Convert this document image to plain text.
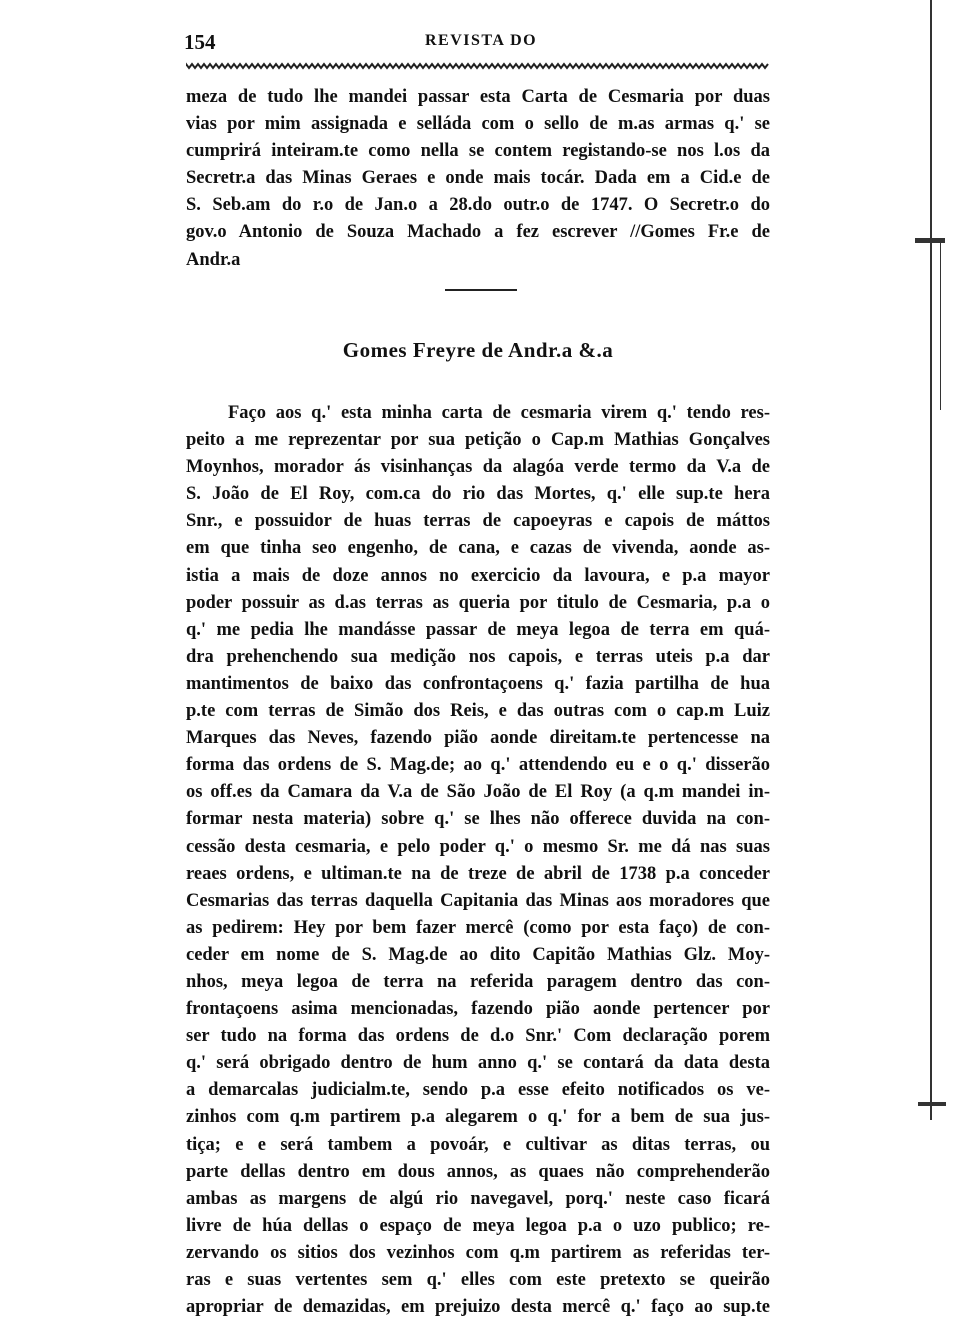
154	REVISTA DO
meza de tudo lhe mandei passar esta Carta de Cesmaria por duas
vias por mim assignada e selláda com o sello de m.as armas q.' se
cumprirá inteiram.te como nella se contem registando-se nos l.os da
Secretr.a das Minas Geraes e onde mais tocár. Dada em a Cid.e de
S. Seb.am do r.o de Jan.o a 28.do outr.o de 1747. O Secretr.o do
gov.o Antonio de Souza Machado a fez escrever //Gomes Fr.e de
Andr.a
Gomes Freyre de Andr.a &.a
Faço aos q.' esta minha carta de cesmaria virem q.' tendo res-
peito a me reprezentar por sua petição o Cap.m Mathias Gonçalves
Moynhos, morador ás visinhanças da alagóa verde termo da V.a de
S. João de El Roy, com.ca do rio das Mortes, q.' elle sup.te hera
Snr., e possuidor de huas terras de capoeyras e capois de máttos
em que tinha seo engenho, de cana, e cazas de vivenda, aonde as-
istia a mais de doze annos no exercicio da lavoura, e p.a mayor
poder possuir as d.as terras as queria por titulo de Cesmaria, p.a o
q.' me pedia lhe mandásse passar de meya legoa de terra em quá-
dra prehenchendo sua medição nos capois, e terras uteis p.a dar
mantimentos de baixo das confrontaçoens q.' fazia partilha de hua
p.te com terras de Simão dos Reis, e das outras com o cap.m Luiz
Marques das Neves, fazendo pião aonde direitam.te pertencesse na
forma das ordens de S. Mag.de; ao q.' attendendo eu e o q.' disserão
os off.es da Camara da V.a de São João de El Roy (a q.m mandei in-
formar nesta materia) sobre q.' se lhes não offerece duvida na con-
cessão desta cesmaria, e pelo poder q.' o mesmo Sr. me dá nas suas
reaes ordens, e ultiman.te na de treze de abril de 1738 p.a conceder
Cesmarias das terras daquella Capitania das Minas aos moradores que
as pedirem: Hey por bem fazer mercê (como por esta faço) de con-
ceder em nome de S. Mag.de ao dito Capitão Mathias Glz. Moy-
nhos, meya legoa de terra na referida paragem dentro das con-
frontaçoens asima mencionadas, fazendo pião aonde pertencer por
ser tudo na forma das ordens de d.o Snr.' Com declaração porem
q.' será obrigado dentro de hum anno q.' se contará da data desta
a demarcalas judicialm.te, sendo p.a esse efeito notificados os ve-
zinhos com q.m partirem p.a alegarem o q.' for a bem de sua jus-
tiça; e e será tambem a povoár, e cultivar as ditas terras, ou
parte dellas dentro em dous annos, as quaes não comprehenderão
ambas as margens de algú rio navegavel, porq.' neste caso ficará
livre de húa dellas o espaço de meya legoa p.a o uzo publico; re-
zervando os sitios dos vezinhos com q.m partirem as referidas ter-
ras e suas vertentes sem q.' elles com este pretexto se queirão
apropriar de demazidas, em prejuizo desta mercê q.' faço ao sup.te
